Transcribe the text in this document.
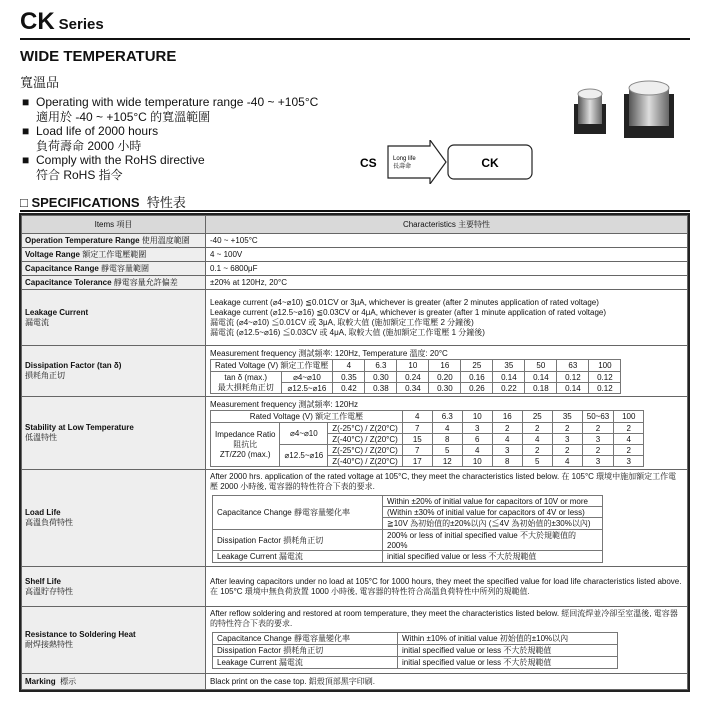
CK Series
WIDE TEMPERATURE
寬溫品
■ Operating with wide temperature range -40 ~ +105°C
適用於 -40 ~ +105°C 的寬溫範圍
■ Load life of 2000 hours
負荷壽命 2000 小時
■ Comply with the RoHS directive
符合 RoHS 指令
CS	Long life
長壽命	CK
□ SPECIFICATIONS 特性表
Items 項目	Characteristics 主要特性
Operation Temperature Range 使用溫度範圍	-40 ~ +105°C
Voltage Range 額定工作電壓範圍	4 ~ 100V
Capacitance Range 靜電容量範圍	0.1 ~ 6800μF
Capacitance Tolerance 靜電容量允許偏差	±20% at 120Hz, 20°C

Leakage Current
漏電流

Leakage current (⌀4~⌀10) ≦0.01CV or 3μA, whichever is greater (after 2 minutes application of rated voltage)
Leakage current (⌀12.5~⌀16) ≦0.03CV or 4μA, whichever is greater (after 1 minute application of rated voltage)
漏電流 (⌀4~⌀10) ≦0.01CV 或 3μA, 取較大值 (施加額定工作電壓 2 分鐘後)
漏電流 (⌀12.5~⌀16) ≦0.03CV 或 4μA, 取較大值 (施加額定工作電壓 1 分鐘後)

Dissipation Factor (tan δ)
損耗角正切

Measurement frequency 測試頻率: 120Hz, Temperature 溫度: 20°C
Rated Voltage (V) 額定工作電壓	4	6.3	10	16	25	35	50	63	100

tan δ (max.)
最大損耗角正切
	⌀4~⌀10	0.35	0.30	0.24	0.20	0.16	0.14	0.14	0.12	0.12
⌀12.5~⌀16	0.42	0.38	0.34	0.30	0.26	0.22	0.18	0.14	0.12

Stability at Low Temperature
低溫特性

Measurement frequency 測試頻率: 120Hz
Rated Voltage (V) 額定工作電壓	4	6.3	10	16	25	35	50~63	100

Impedance Ratio
阻抗比
ZT/Z20 (max.)
	⌀4~⌀10	Z(-25°C) / Z(20°C)	7	4	3	2	2	2	2	2
Z(-40°C) / Z(20°C)	15	8	6	4	4	3	3	4
⌀12.5~⌀16	Z(-25°C) / Z(20°C)	7	5	4	3	2	2	2	2
Z(-40°C) / Z(20°C)	17	12	10	8	5	4	3	3

Load Life
高溫負荷特性

After 2000 hrs. application of the rated voltage at 105°C, they meet the characteristics listed below. 在 105°C 環境中施加額定工作電壓 2000 小時後, 電容器的特性符合下表的要求.
Capacitance Change 靜電容量變化率	Within ±20% of initial value for capacitors of 10V or more
(Within ±30% of initial value for capacitors of 4V or less)
≧10V 為初始值的±20%以內 (≦4V 為初始值的±30%以內)
Dissipation Factor 損耗角正切	200% or less of initial specified value 不大於規範值的 200%
Leakage Current 漏電流	initial specified value or less 不大於規範值

Shelf Life
高溫貯存特性
	After leaving capacitors under no load at 105°C for 1000 hours, they meet the specified value for load life characteristics listed above. 在 105°C 環境中無負荷放置 1000 小時後, 電容器的特性符合高溫負荷特性中所列的規範值.

Resistance to Soldering Heat
耐焊接熱特性

After reflow soldering and restored at room temperature, they meet the characteristics listed below. 經回流焊並冷卻至室溫後, 電容器的特性符合下表的要求.
Capacitance Change 靜電容量變化率	Within ±10% of initial value 初始值的±10%以內
Dissipation Factor 損耗角正切	initial specified value or less 不大於規範值
Leakage Current 漏電流	initial specified value or less 不大於規範值

Marking 標示	Black print on the case top. 鋁殼頂部黑字印刷.
